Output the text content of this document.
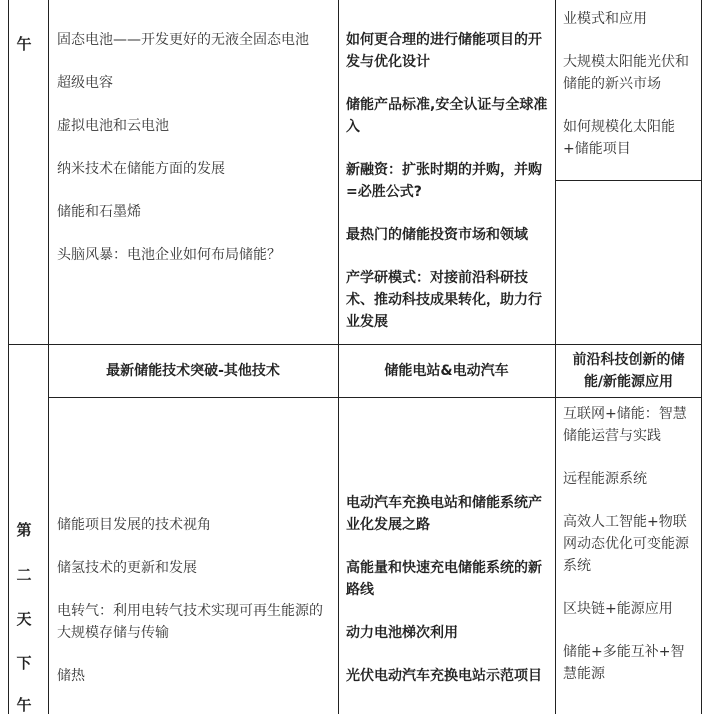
午	固态电池——开发更好的无液全固态电池

超级电容

虚拟电池和云电池

纳米技术在储能方面的发展

储能和石墨烯

头脑风暴：电池企业如何布局储能？

如何更合理的进行储能项目的开发与优化设计

储能产品标准,安全认证与全球准入

新融资：扩张时期的并购，并购=必胜公式?

最热门的储能投资市场和领域

产学研模式：对接前沿科研技术、推动科技成果转化，助力行业发展

业模式和应用

大规模太阳能光伏和储能的新兴市场

如何规模化太阳能+储能项目

最新储能技术突破-其他技术	储能电站&电动汽车
前沿科技创新的储能/新能源应用
第
二
天
下
午

储能项目发展的技术视角

储氢技术的更新和发展

电转气：利用电转气技术实现可再生能源的大规模存储与传输

储热

电动汽车充换电站和储能系统产业化发展之路

高能量和快速充电储能系统的新路线

动力电池梯次利用

光伏电动汽车充换电站示范项目

互联网+储能：智慧储能运营与实践

远程能源系统

高效人工智能+物联网动态优化可变能源系统

区块链+能源应用

储能+多能互补+智慧能源
